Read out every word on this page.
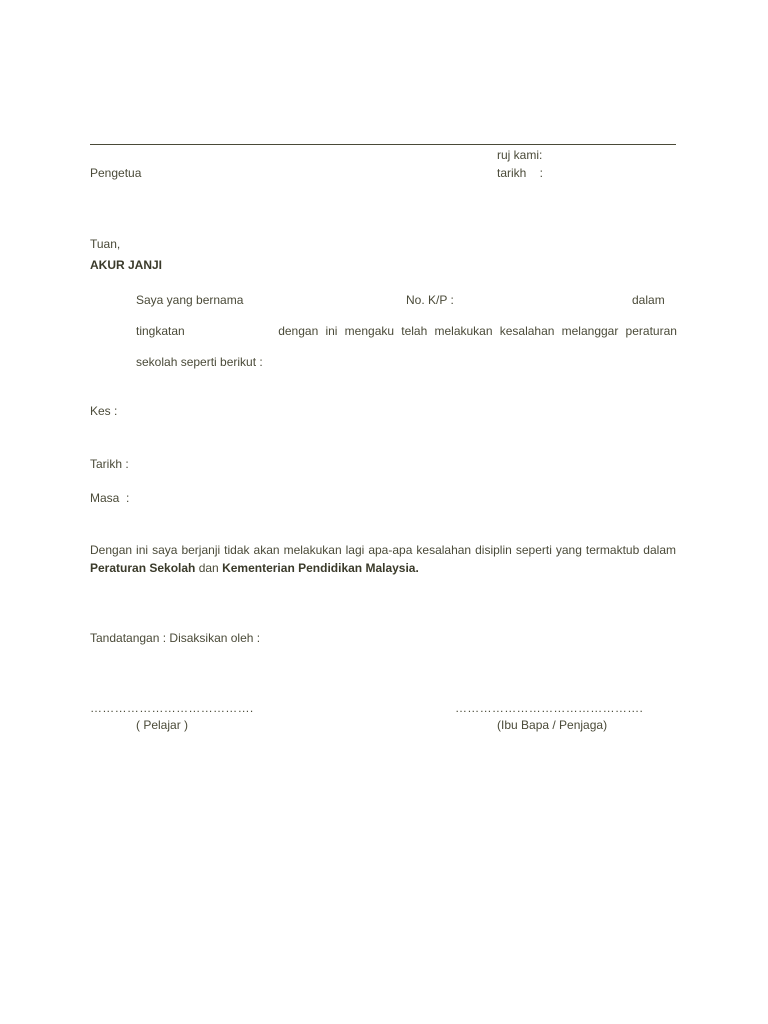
ruj kami:
Pengetua	tarikh    :
Tuan,
AKUR JANJI
Saya yang bernama	No. K/P :	dalam
tingkatan	dengan ini mengaku telah melakukan kesalahan melanggar peraturan
sekolah seperti berikut :
Kes :
Tarikh :
Masa  :
Dengan ini saya berjanji tidak akan melakukan lagi apa-apa kesalahan disiplin seperti yang termaktub dalam Peraturan Sekolah dan Kementerian Pendidikan Malaysia.
Tandatangan : Disaksikan oleh :
………………………………….
( Pelajar )
……………………………………….
(Ibu Bapa / Penjaga)
